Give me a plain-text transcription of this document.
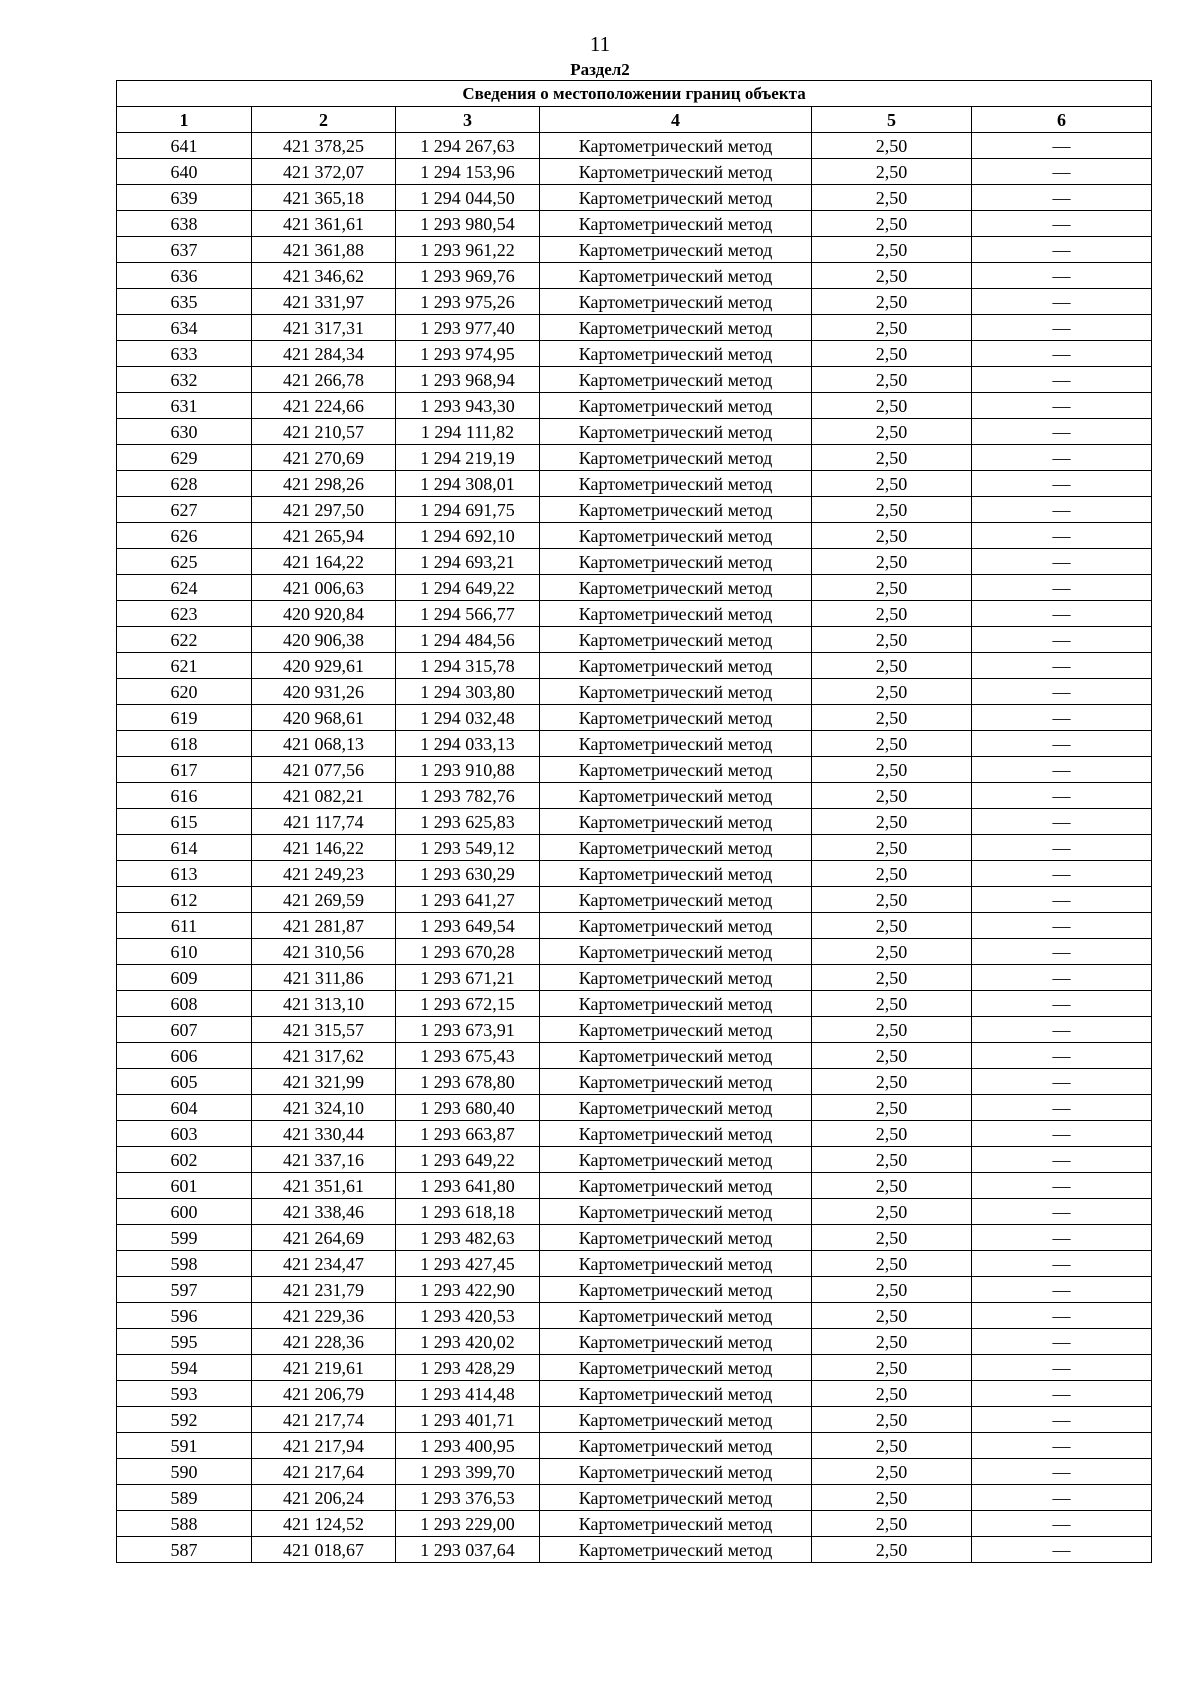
11
Раздел2
Сведения о местоположении границ объекта					
1	2	3	4	5	6
641	421 378,25	1 294 267,63	Картометрический метод	2,50	—
640	421 372,07	1 294 153,96	Картометрический метод	2,50	—
639	421 365,18	1 294 044,50	Картометрический метод	2,50	—
638	421 361,61	1 293 980,54	Картометрический метод	2,50	—
637	421 361,88	1 293 961,22	Картометрический метод	2,50	—
636	421 346,62	1 293 969,76	Картометрический метод	2,50	—
635	421 331,97	1 293 975,26	Картометрический метод	2,50	—
634	421 317,31	1 293 977,40	Картометрический метод	2,50	—
633	421 284,34	1 293 974,95	Картометрический метод	2,50	—
632	421 266,78	1 293 968,94	Картометрический метод	2,50	—
631	421 224,66	1 293 943,30	Картометрический метод	2,50	—
630	421 210,57	1 294 111,82	Картометрический метод	2,50	—
629	421 270,69	1 294 219,19	Картометрический метод	2,50	—
628	421 298,26	1 294 308,01	Картометрический метод	2,50	—
627	421 297,50	1 294 691,75	Картометрический метод	2,50	—
626	421 265,94	1 294 692,10	Картометрический метод	2,50	—
625	421 164,22	1 294 693,21	Картометрический метод	2,50	—
624	421 006,63	1 294 649,22	Картометрический метод	2,50	—
623	420 920,84	1 294 566,77	Картометрический метод	2,50	—
622	420 906,38	1 294 484,56	Картометрический метод	2,50	—
621	420 929,61	1 294 315,78	Картометрический метод	2,50	—
620	420 931,26	1 294 303,80	Картометрический метод	2,50	—
619	420 968,61	1 294 032,48	Картометрический метод	2,50	—
618	421 068,13	1 294 033,13	Картометрический метод	2,50	—
617	421 077,56	1 293 910,88	Картометрический метод	2,50	—
616	421 082,21	1 293 782,76	Картометрический метод	2,50	—
615	421 117,74	1 293 625,83	Картометрический метод	2,50	—
614	421 146,22	1 293 549,12	Картометрический метод	2,50	—
613	421 249,23	1 293 630,29	Картометрический метод	2,50	—
612	421 269,59	1 293 641,27	Картометрический метод	2,50	—
611	421 281,87	1 293 649,54	Картометрический метод	2,50	—
610	421 310,56	1 293 670,28	Картометрический метод	2,50	—
609	421 311,86	1 293 671,21	Картометрический метод	2,50	—
608	421 313,10	1 293 672,15	Картометрический метод	2,50	—
607	421 315,57	1 293 673,91	Картометрический метод	2,50	—
606	421 317,62	1 293 675,43	Картометрический метод	2,50	—
605	421 321,99	1 293 678,80	Картометрический метод	2,50	—
604	421 324,10	1 293 680,40	Картометрический метод	2,50	—
603	421 330,44	1 293 663,87	Картометрический метод	2,50	—
602	421 337,16	1 293 649,22	Картометрический метод	2,50	—
601	421 351,61	1 293 641,80	Картометрический метод	2,50	—
600	421 338,46	1 293 618,18	Картометрический метод	2,50	—
599	421 264,69	1 293 482,63	Картометрический метод	2,50	—
598	421 234,47	1 293 427,45	Картометрический метод	2,50	—
597	421 231,79	1 293 422,90	Картометрический метод	2,50	—
596	421 229,36	1 293 420,53	Картометрический метод	2,50	—
595	421 228,36	1 293 420,02	Картометрический метод	2,50	—
594	421 219,61	1 293 428,29	Картометрический метод	2,50	—
593	421 206,79	1 293 414,48	Картометрический метод	2,50	—
592	421 217,74	1 293 401,71	Картометрический метод	2,50	—
591	421 217,94	1 293 400,95	Картометрический метод	2,50	—
590	421 217,64	1 293 399,70	Картометрический метод	2,50	—
589	421 206,24	1 293 376,53	Картометрический метод	2,50	—
588	421 124,52	1 293 229,00	Картометрический метод	2,50	—
587	421 018,67	1 293 037,64	Картометрический метод	2,50	—
